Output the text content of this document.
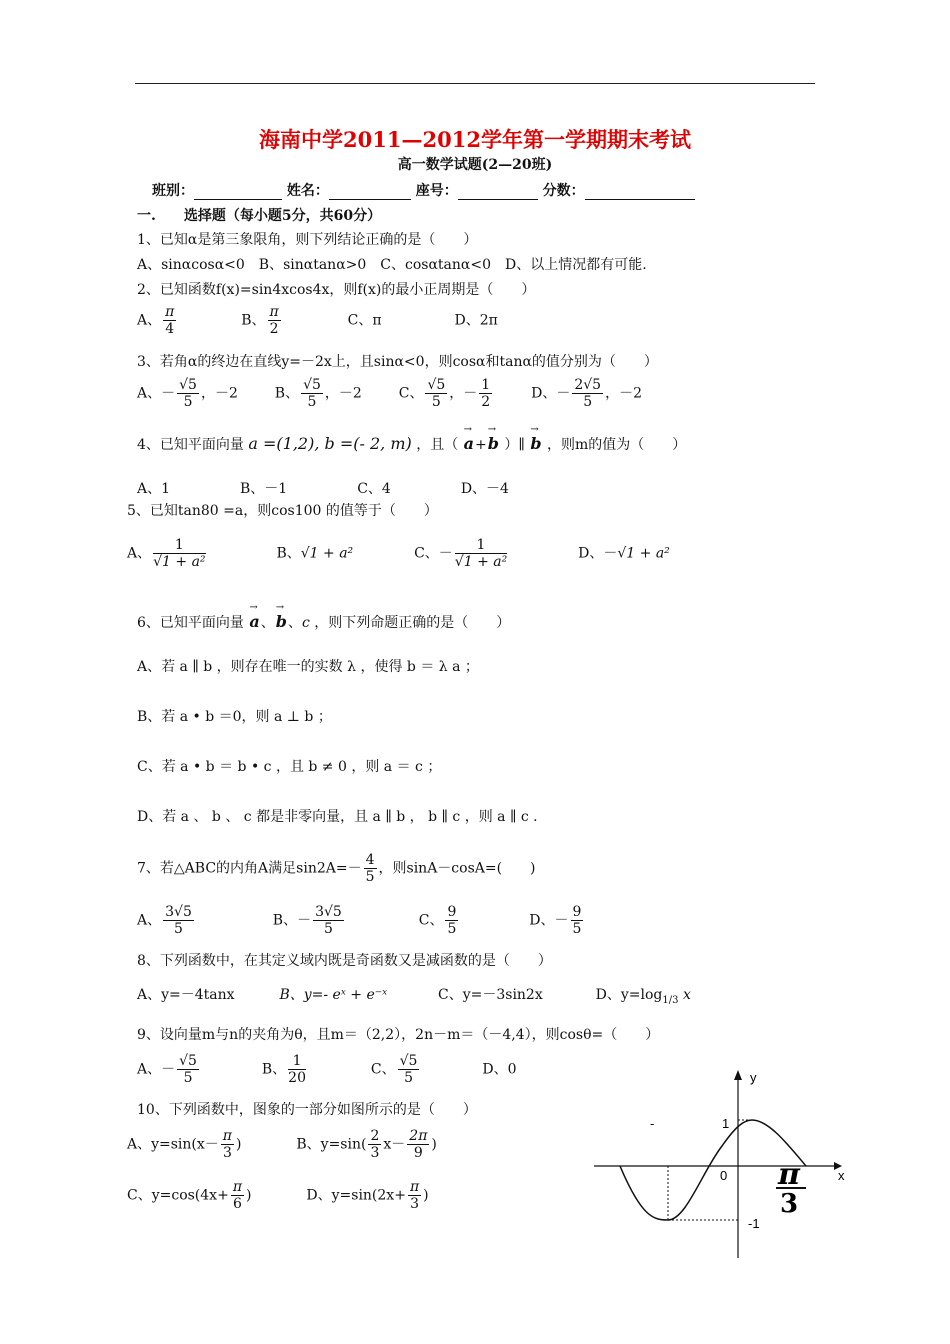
海南中学2011—2012学年第一学期期末考试
高一数学试题(2—20班)
班别：	姓名：	座号：	分数：
一.　　选择题（每小题5分，共60分）
1、已知α是第三象限角，则下列结论正确的是（　　）
A、sinαcosα<0　B、sinαtanα>0　C、cosαtanα<0　D、以上情况都有可能.
2、已知函数f(x)=sin4xcos4x，则f(x)的最小正周期是（　　）
A、 $\frac{\pi}{4}$	B、 $\frac{\pi}{2}$	C、π	D、2π
3、若角α的终边在直线y=－2x上，且sinα<0，则cosα和tanα的值分别为（　　）
A、－ $\frac{√5}{5}$ ，－2	B、 $\frac{√5}{5}$ ，－2	C、 $\frac{√5}{5}$ ，－ $\frac{1}{2}$	D、－ $\frac{2√5}{5}$ ，－2
4、已知平面向量 a =(1,2), b =(- 2, m) ，且（ → a+→ b ）∥ → b ，则m的值为（　　）
A、1　　　　　B、－1　　　　　C、4　　　　　D、－4
5、已知tan80 =a，则cos100 的值等于（　　）
A、 $\frac{1}{\text{√1 + a²}}$	B、√1 + a²	C、－ $\frac{1}{\text{√1 + a²}}$	D、－√1 + a²
6、已知平面向量 → a、→ b、c ，则下列命题正确的是（　　）
A、若 a ∥ b ，则存在唯一的实数 λ ，使得 b ＝ λ a ；
B、若 a • b ＝0，则 a ⊥ b ；
C、若 a • b ＝ b • c ，且 b ≠ 0 ，则 a ＝ c ；
D、若 a 、 b 、 c 都是非零向量，且 a ∥ b ， b ∥ c ，则 a ∥ c .
7、若△ABC的内角A满足$\sin 2A=- \frac{4}{5}$ ，则sinA－cosA=(　　)
A、 $\frac{3√5}{5}$	B、－ $\frac{3√5}{5}$	C、 $\frac{9}{5}$	D、－ $\frac{9}{5}$
8、下列函数中，在其定义域内既是奇函数又是减函数的是（　　）
A、y=－4tanx	B、y=- eˣ + e⁻ˣ	C、y=－3sin2x	D、$y=\log_{1/3}$ x
9、设向量m与n的夹角为θ，且m＝（2,2），2n－m＝（－4,4），则cosθ=（　　）
A、－ $\frac{√5}{5}$	B、 $\frac{1}{20}$	C、 $\frac{√5}{5}$	D、0
10、下列函数中，图象的一部分如图所示的是（　　）
A、$y=\sin(x- \frac{\pi}{3}$ )	B、$y=\sin( \frac{2}{3} x- \frac{2\pi}{9}$ )
C、$y=\cos(4x+ \frac{\pi}{6}$ )	D、$y=\sin(2x+ \frac{\pi}{3}$ )
y
x
0
1
-1
-
π
3
